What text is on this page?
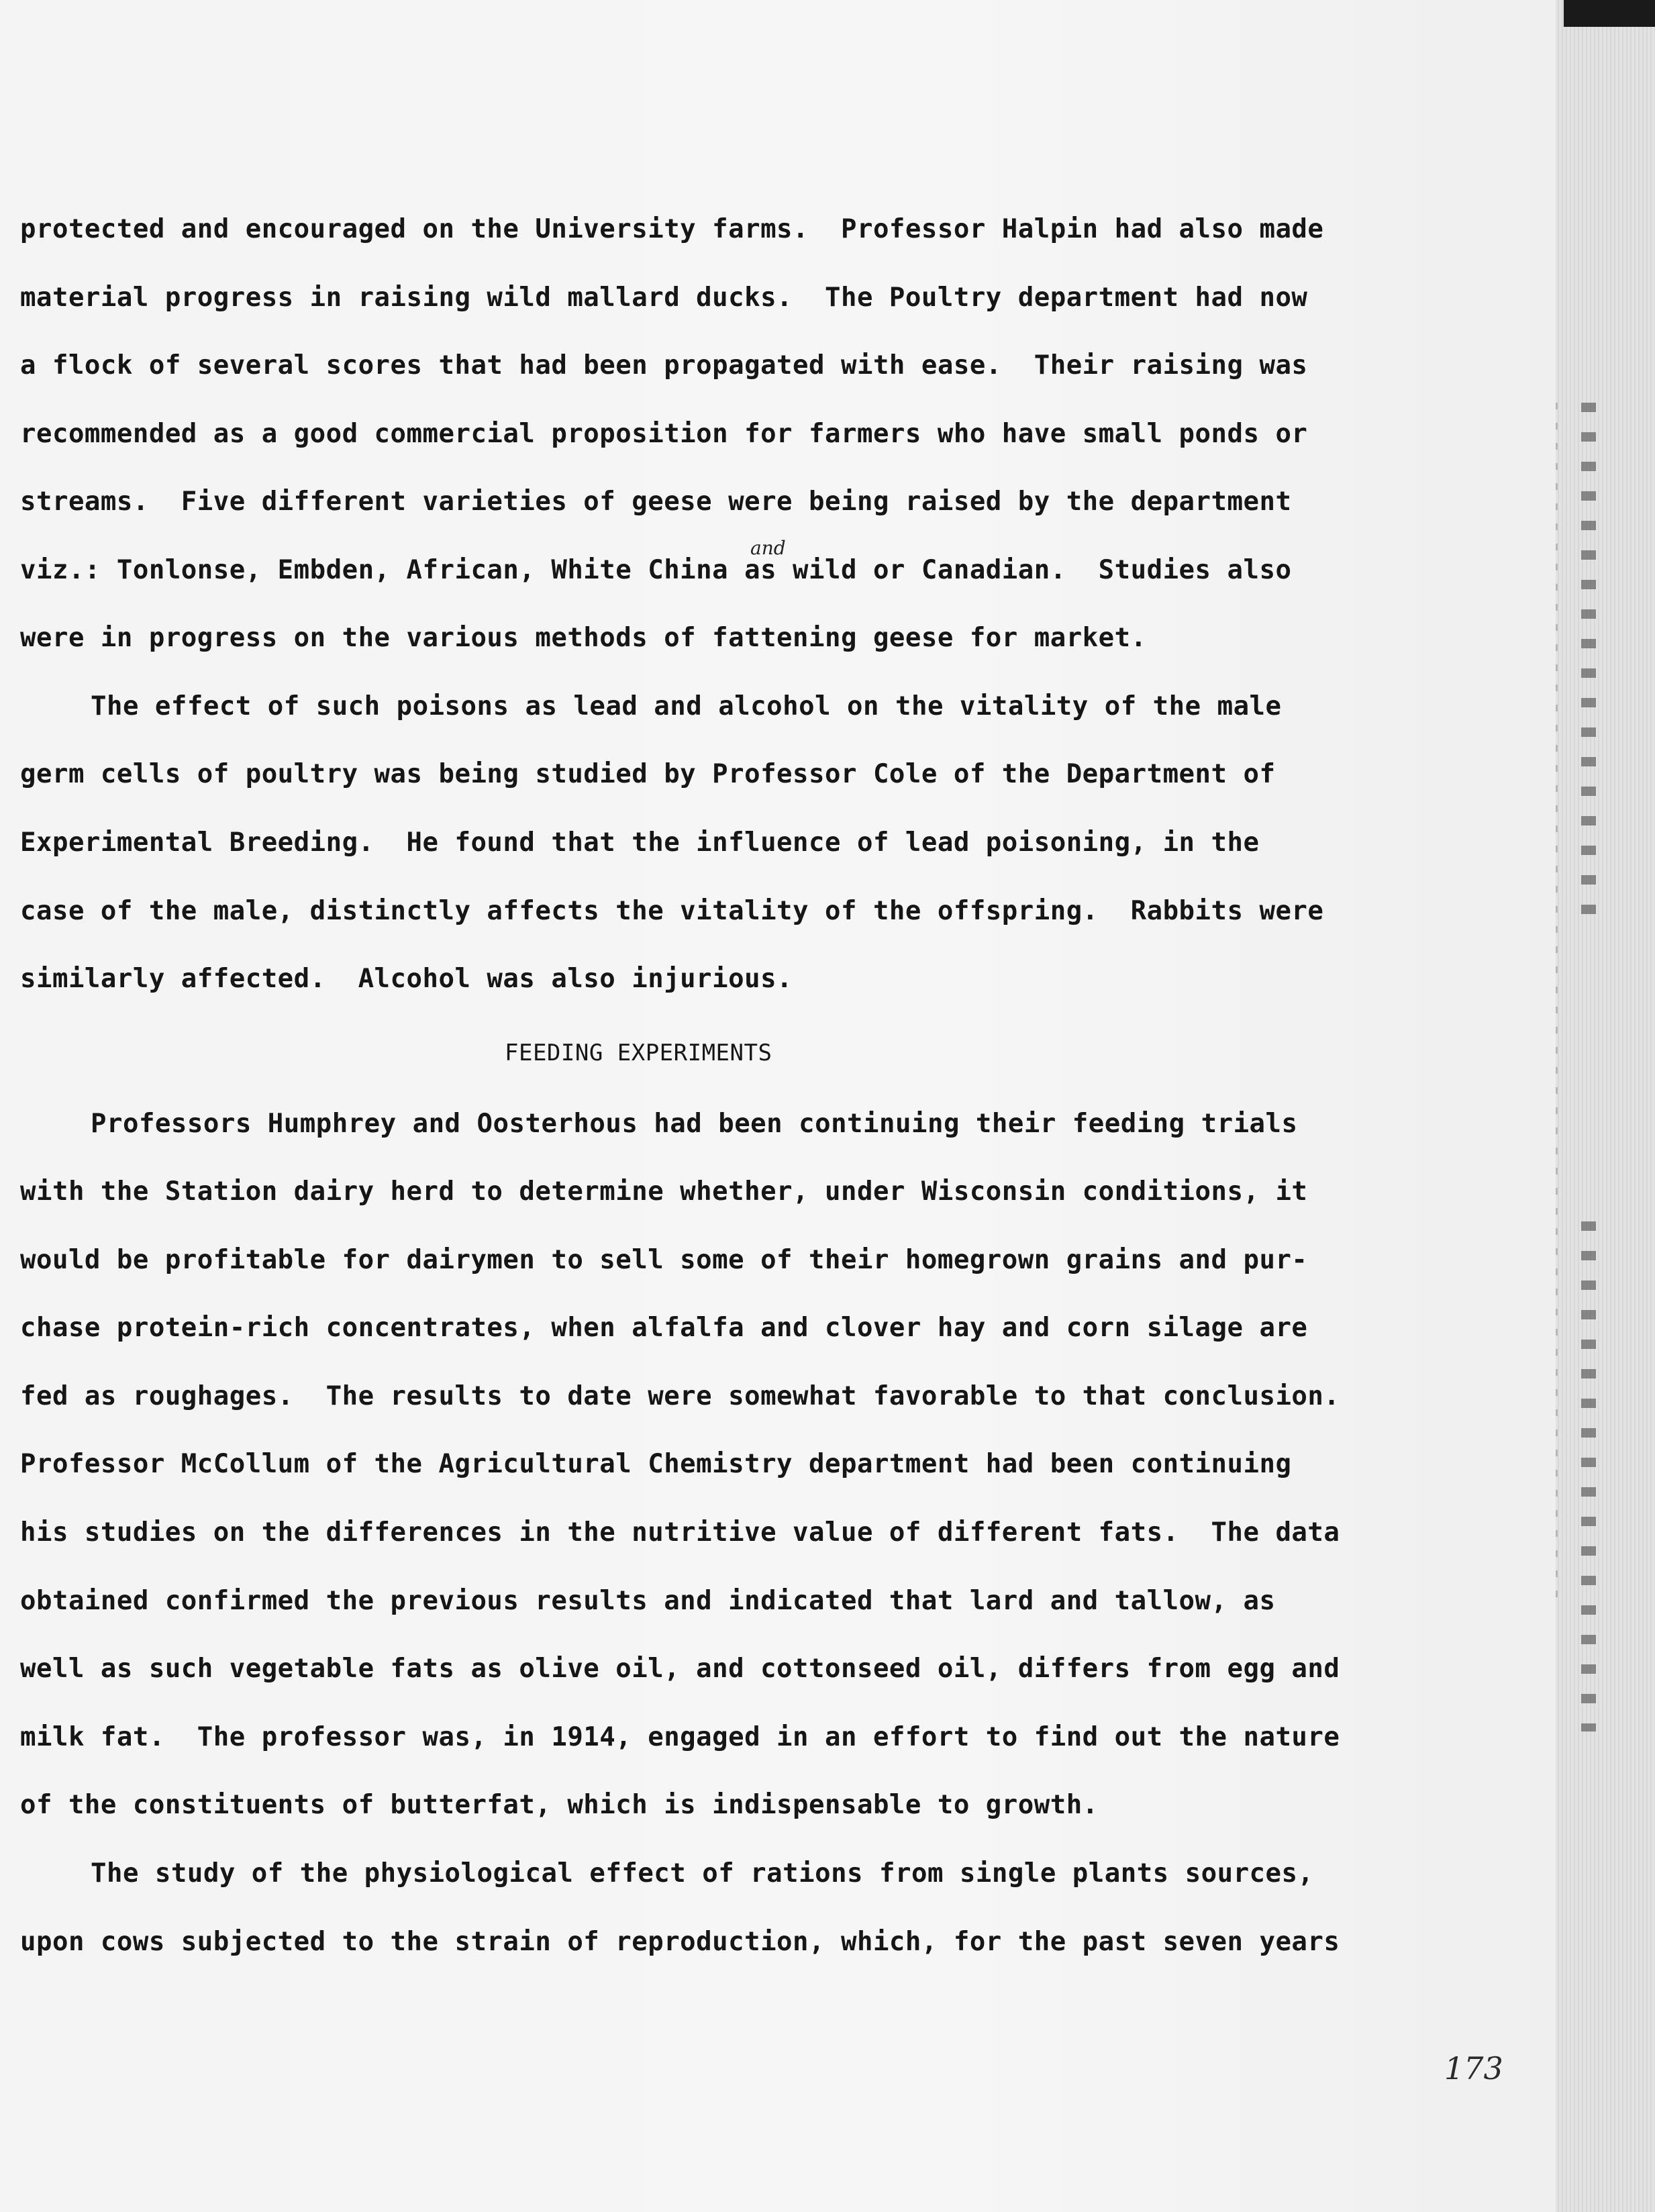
protected and encouraged on the University farms.  Professor Halpin had also made

material progress in raising wild mallard ducks.  The Poultry department had now

a flock of several scores that had been propagated with ease.  Their raising was

recommended as a good commercial proposition for farmers who have small ponds or

streams.  Five different varieties of geese were being raised by the department

and

viz.: Tonlonse, Embden, African, White China as wild or Canadian.  Studies also

were in progress on the various methods of fattening geese for market.

The effect of such poisons as lead and alcohol on the vitality of the male

germ cells of poultry was being studied by Professor Cole of the Department of

Experimental Breeding.  He found that the influence of lead poisoning, in the

case of the male, distinctly affects the vitality of the offspring.  Rabbits were

similarly affected.  Alcohol was also injurious.

FEEDING EXPERIMENTS

Professors Humphrey and Oosterhous had been continuing their feeding trials

with the Station dairy herd to determine whether, under Wisconsin conditions, it

would be profitable for dairymen to sell some of their homegrown grains and pur-

chase protein-rich concentrates, when alfalfa and clover hay and corn silage are

fed as roughages.  The results to date were somewhat favorable to that conclusion.

Professor McCollum of the Agricultural Chemistry department had been continuing

his studies on the differences in the nutritive value of different fats.  The data

obtained confirmed the previous results and indicated that lard and tallow, as

well as such vegetable fats as olive oil, and cottonseed oil, differs from egg and

milk fat.  The professor was, in 1914, engaged in an effort to find out the nature

of the constituents of butterfat, which is indispensable to growth.

The study of the physiological effect of rations from single plants sources,

upon cows subjected to the strain of reproduction, which, for the past seven years

173
